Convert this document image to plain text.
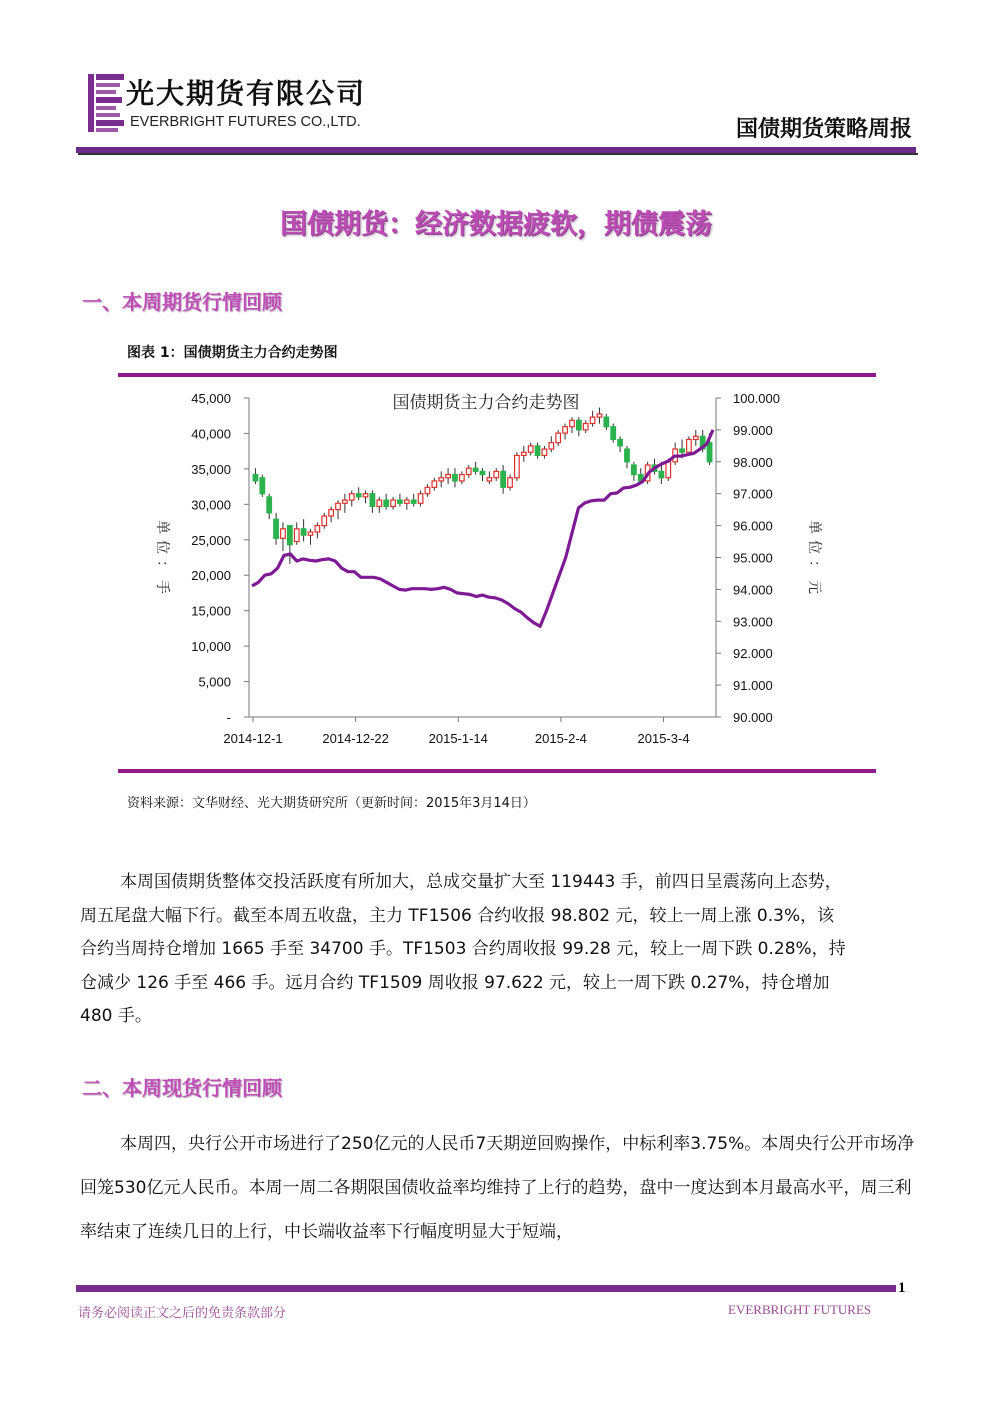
光大期货有限公司
EVERBRIGHT FUTURES CO.,LTD.	国债期货策略周报
国债期货：经济数据疲软，期债震荡
一、本周期货行情回顾
图表 1：国债期货主力合约走势图
45,000
40,000
35,000
30,000
25,000
20,000
15,000
10,000
5,000
-
100.000
99.000
98.000
97.000
96.000
95.000
94.000
93.000
92.000
91.000
90.000
2014-12-1	2014-12-22	2015-1-14	2015-2-4	2015-3-4
国债期货主力合约走势图
单位：手	单位：元
资料来源：文华财经、光大期货研究所（更新时间：2015年3月14日）
本周国债期货整体交投活跃度有所加大，总成交量扩大至 119443 手，前四日呈震荡向上态势，周五尾盘大幅下行。截至本周五收盘，主力 TF1506 合约收报 98.802 元，较上一周上涨 0.3%，该合约当周持仓增加 1665 手至 34700 手。TF1503 合约周收报 99.28 元，较上一周下跌 0.28%，持仓减少 126 手至 466 手。远月合约 TF1509 周收报 97.622 元，较上一周下跌 0.27%，持仓增加 480 手。
二、本周现货行情回顾
本周四，央行公开市场进行了250亿元的人民币7天期逆回购操作，中标利率3.75%。本周央行公开市场净回笼530亿元人民币。本周一周二各期限国债收益率均维持了上行的趋势，盘中一度达到本月最高水平，周三利率结束了连续几日的上行，中长端收益率下行幅度明显大于短端，
1
请务必阅读正文之后的免责条款部分	EVERBRIGHT FUTURES
